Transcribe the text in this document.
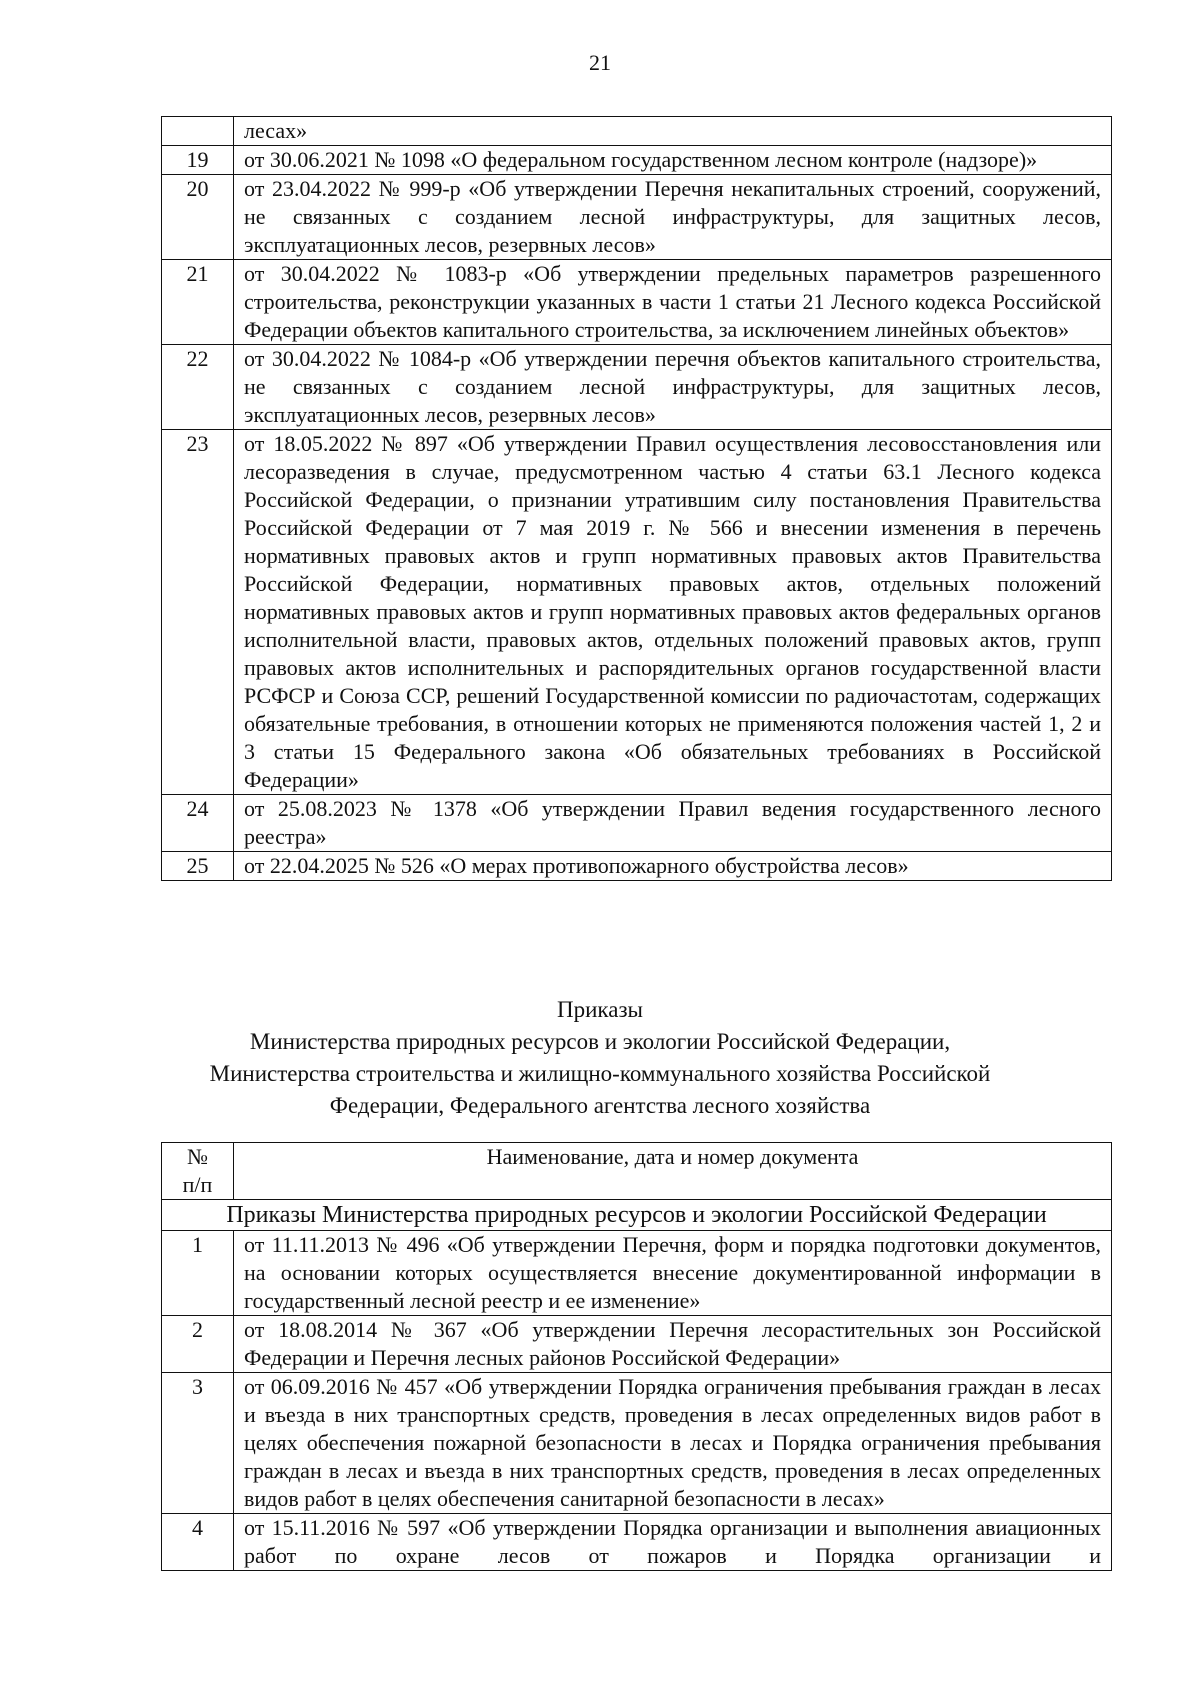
21
	лесах»
19	от 30.06.2021 № 1098 «О федеральном государственном лесном контроле (надзоре)»
20	от 23.04.2022 № 999-р «Об утверждении Перечня некапитальных строений, сооружений, не связанных с созданием лесной инфраструктуры, для защитных лесов, эксплуатационных лесов, резервных лесов»
21	от 30.04.2022 № 1083-р «Об утверждении предельных параметров разрешенного строительства, реконструкции указанных в части 1 статьи 21 Лесного кодекса Российской Федерации объектов капитального строительства, за исключением линейных объектов»
22	от 30.04.2022 № 1084-р «Об утверждении перечня объектов капитального строительства, не связанных с созданием лесной инфраструктуры, для защитных лесов, эксплуатационных лесов, резервных лесов»
23	от 18.05.2022 № 897 «Об утверждении Правил осуществления лесовосстановления или лесоразведения в случае, предусмотренном частью 4 статьи 63.1 Лесного кодекса Российской Федерации, о признании утратившим силу постановления Правительства Российской Федерации от 7 мая 2019 г. № 566 и внесении изменения в перечень нормативных правовых актов и групп нормативных правовых актов Правительства Российской Федерации, нормативных правовых актов, отдельных положений нормативных правовых актов и групп нормативных правовых актов федеральных органов исполнительной власти, правовых актов, отдельных положений правовых актов, групп правовых актов исполнительных и распорядительных органов государственной власти РСФСР и Союза ССР, решений Государственной комиссии по радиочастотам, содержащих обязательные требования, в отношении которых не применяются положения частей 1, 2 и 3 статьи 15 Федерального закона «Об обязательных требованиях в Российской Федерации»
24	от 25.08.2023 № 1378 «Об утверждении Правил ведения государственного лесного реестра»
25	от 22.04.2025 № 526 «О мерах противопожарного обустройства лесов»
Приказы
Министерства природных ресурсов и экологии Российской Федерации,
Министерства строительства и жилищно-коммунального хозяйства Российской
Федерации, Федерального агентства лесного хозяйства
№
п/п	Наименование, дата и номер документа
Приказы Министерства природных ресурсов и экологии Российской Федерации	
1	от 11.11.2013 № 496 «Об утверждении Перечня, форм и порядка подготовки документов, на основании которых осуществляется внесение документированной информации в государственный лесной реестр и ее изменение»
2	от 18.08.2014 № 367 «Об утверждении Перечня лесорастительных зон Российской Федерации и Перечня лесных районов Российской Федерации»
3	от 06.09.2016 № 457 «Об утверждении Порядка ограничения пребывания граждан в лесах и въезда в них транспортных средств, проведения в лесах определенных видов работ в целях обеспечения пожарной безопасности в лесах и Порядка ограничения пребывания граждан в лесах и въезда в них транспортных средств, проведения в лесах определенных видов работ в целях обеспечения санитарной безопасности в лесах»
4	от 15.11.2016 № 597 «Об утверждении Порядка организации и выполнения авиационных работ по охране лесов от пожаров и Порядка организации и
